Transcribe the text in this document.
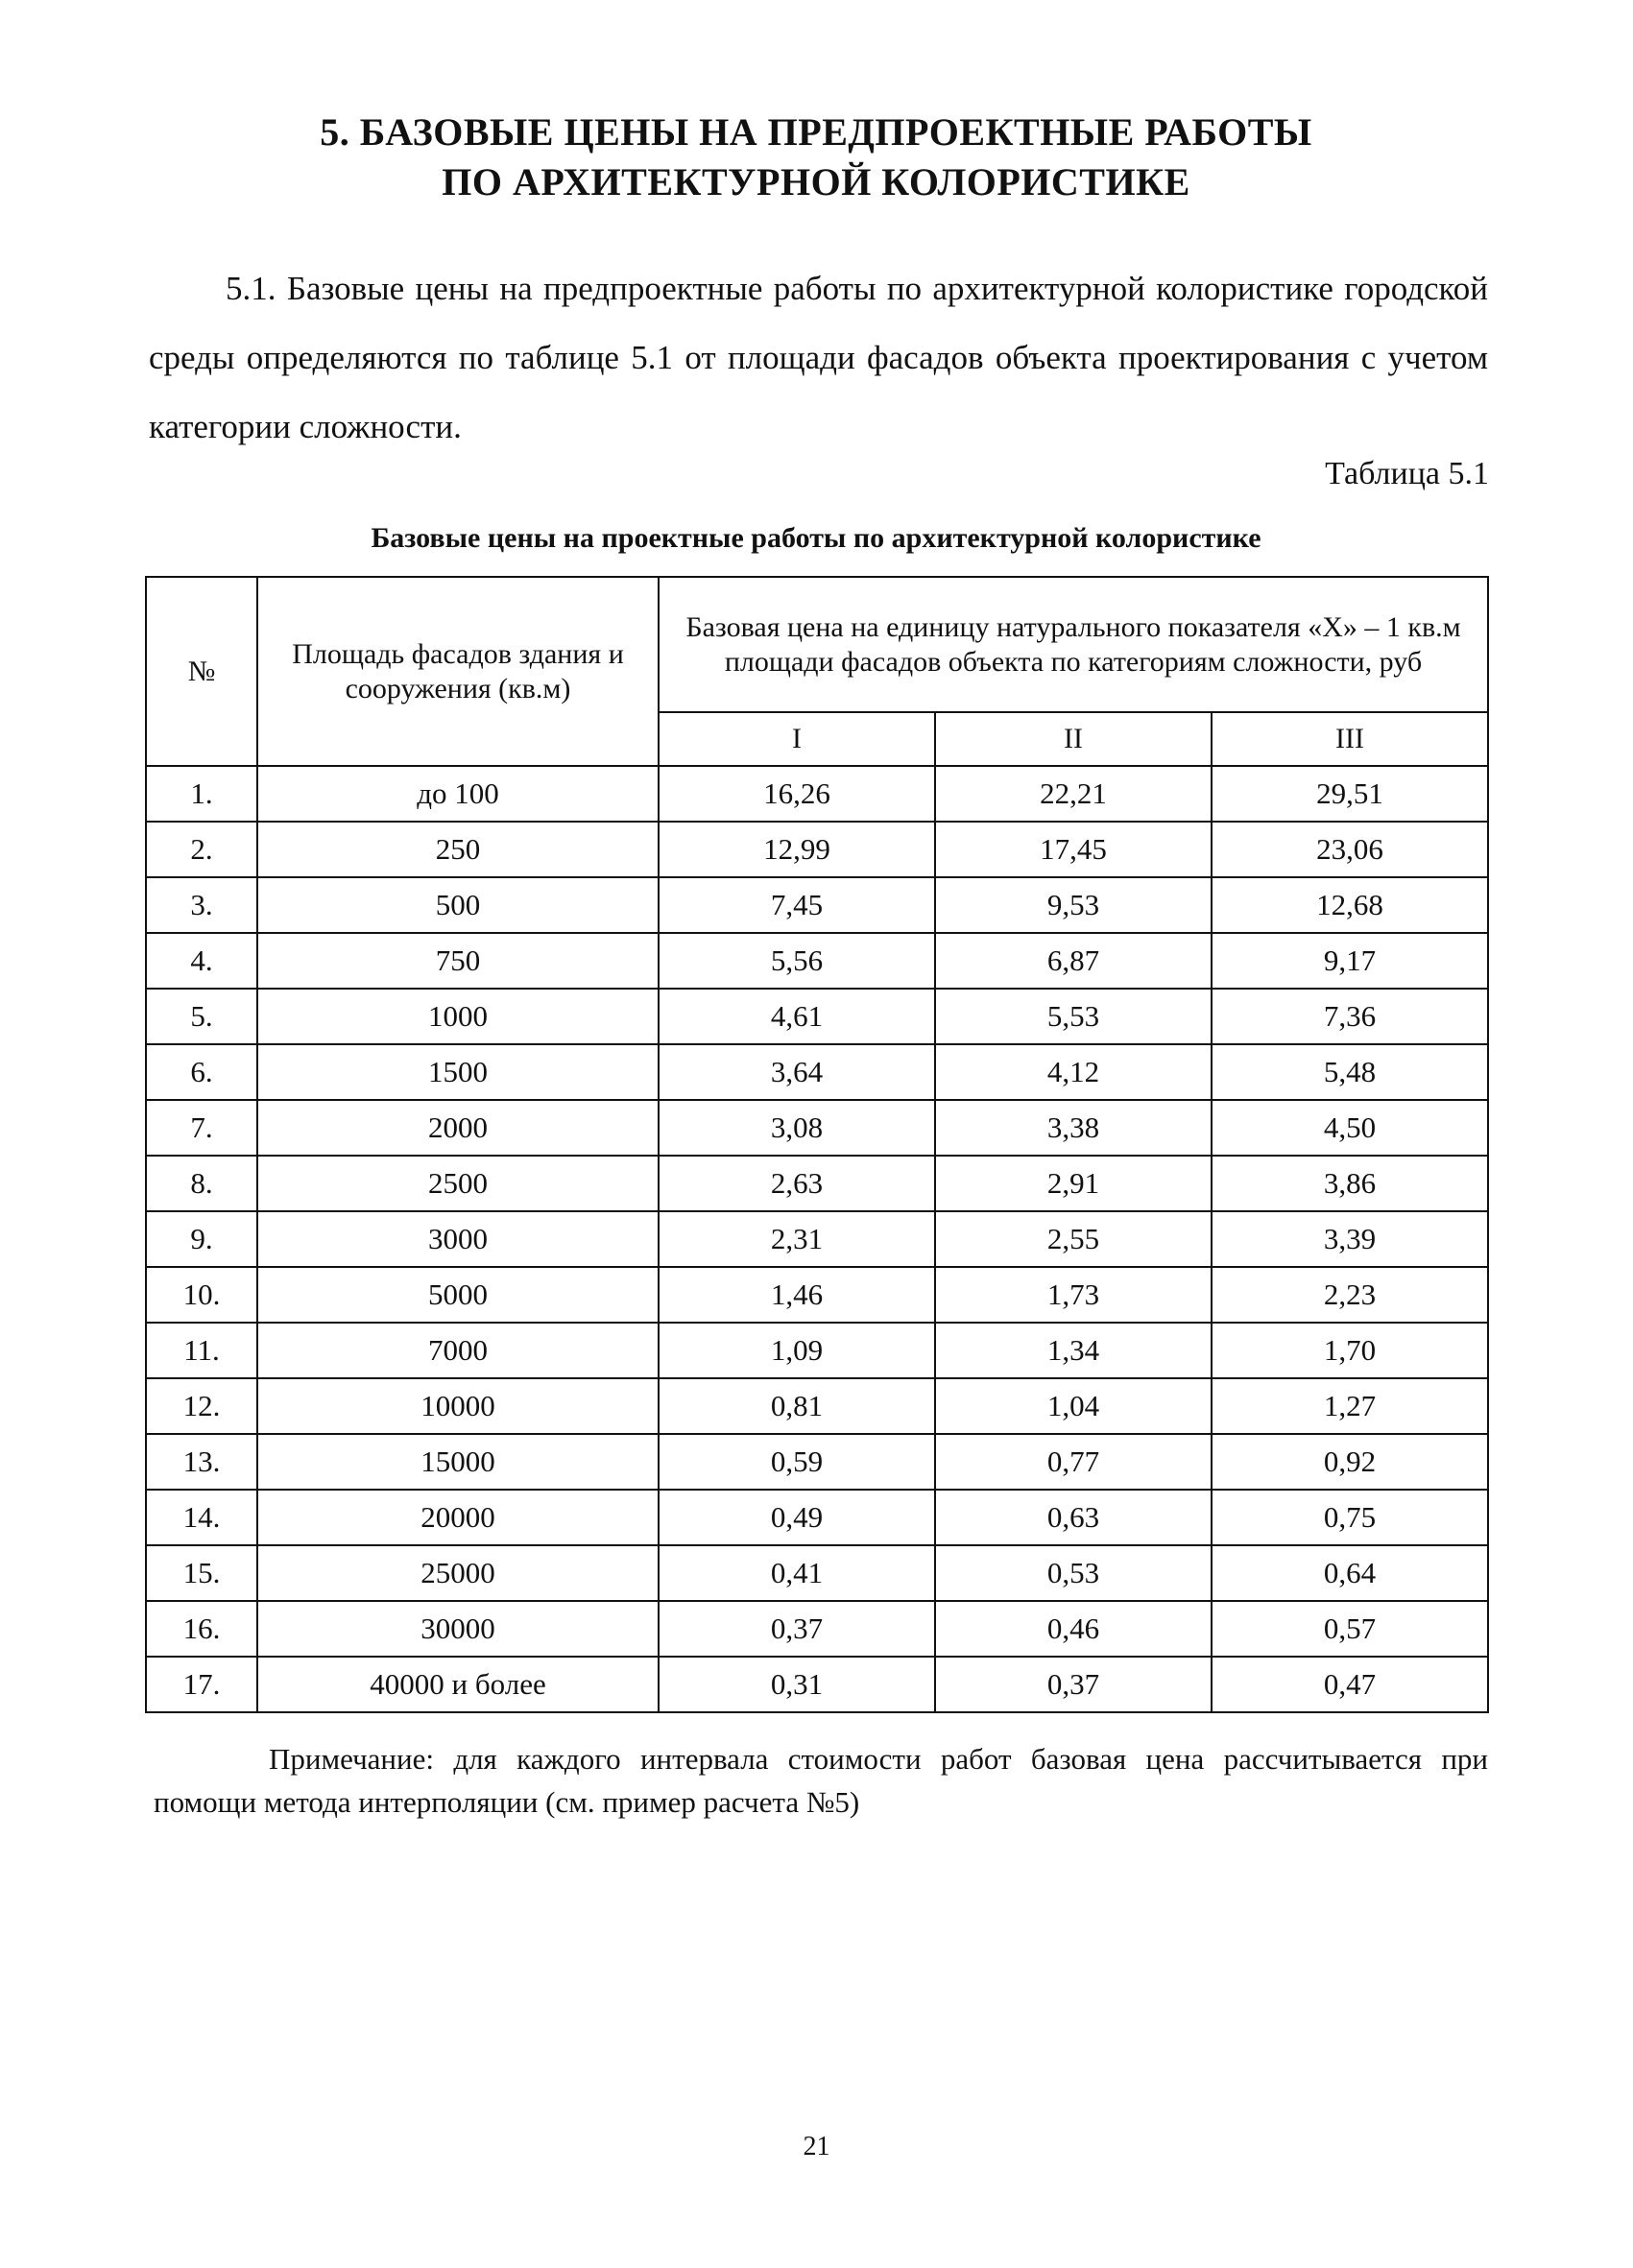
5. БАЗОВЫЕ ЦЕНЫ НА ПРЕДПРОЕКТНЫЕ РАБОТЫ
ПО АРХИТЕКТУРНОЙ КОЛОРИСТИКЕ
5.1. Базовые цены на предпроектные работы по архитектурной колористике городской среды определяются по таблице 5.1 от площади фасадов объекта проектирования с учетом категории сложности.
Таблица 5.1
Базовые цены на проектные работы по архитектурной колористике
№	Площадь фасадов здания и сооружения (кв.м)	Базовая цена на единицу натурального показателя «Х» – 1 кв.м площади фасадов объекта по категориям сложности, руб		
		I	II	III
1.	до 100	16,26	22,21	29,51
2.	250	12,99	17,45	23,06
3.	500	7,45	9,53	12,68
4.	750	5,56	6,87	9,17
5.	1000	4,61	5,53	7,36
6.	1500	3,64	4,12	5,48
7.	2000	3,08	3,38	4,50
8.	2500	2,63	2,91	3,86
9.	3000	2,31	2,55	3,39
10.	5000	1,46	1,73	2,23
11.	7000	1,09	1,34	1,70
12.	10000	0,81	1,04	1,27
13.	15000	0,59	0,77	0,92
14.	20000	0,49	0,63	0,75
15.	25000	0,41	0,53	0,64
16.	30000	0,37	0,46	0,57
17.	40000 и более	0,31	0,37	0,47
Примечание: для каждого интервала стоимости работ базовая цена рассчитывается при помощи метода интерполяции (см. пример расчета №5)
21
